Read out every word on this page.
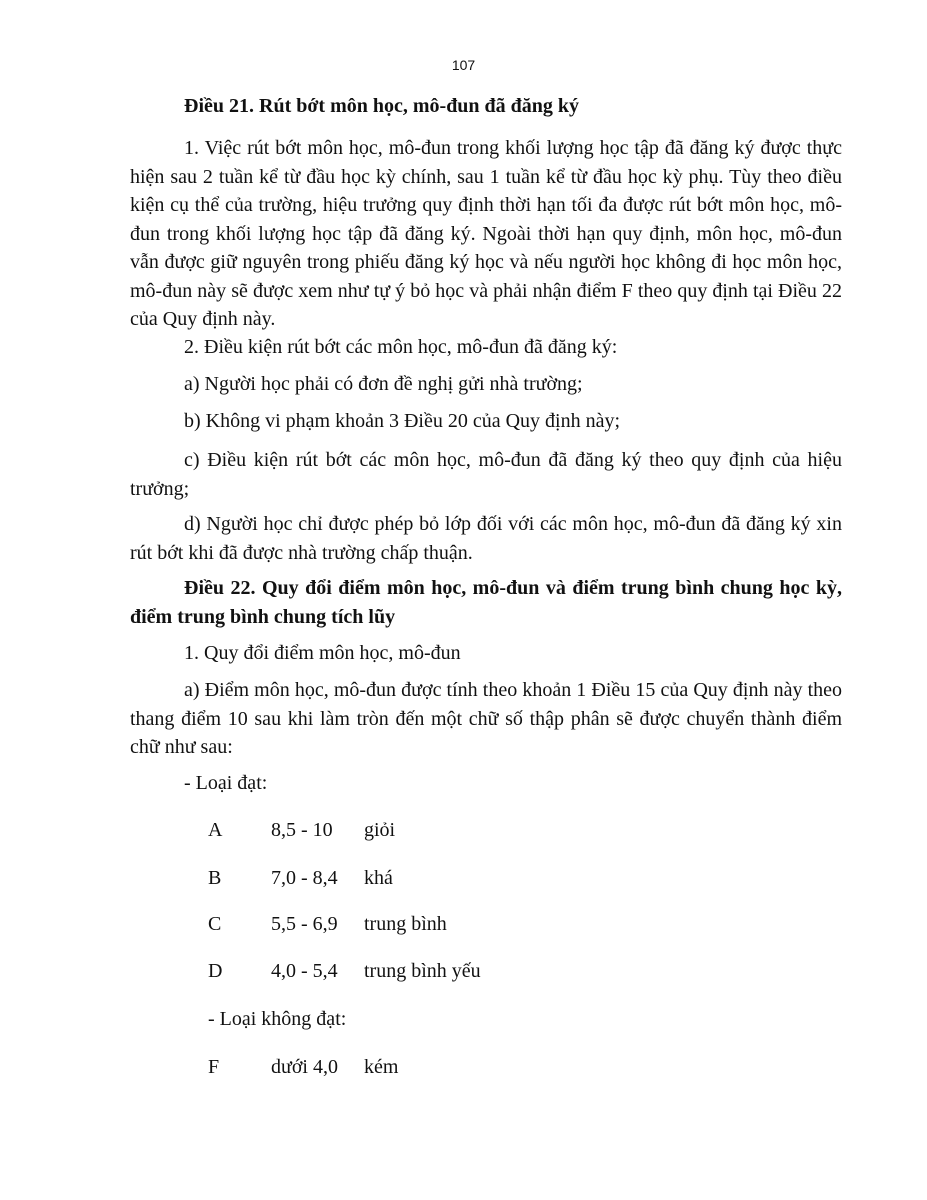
107
Điều 21. Rút bớt môn học, mô-đun đã đăng ký
1. Việc rút bớt môn học, mô-đun trong khối lượng học tập đã đăng ký được thực hiện sau 2 tuần kể từ đầu học kỳ chính, sau 1 tuần kể từ đầu học kỳ phụ. Tùy theo điều kiện cụ thể của trường, hiệu trưởng quy định thời hạn tối đa được rút bớt môn học, mô-đun trong khối lượng học tập đã đăng ký. Ngoài thời hạn quy định, môn học, mô-đun vẫn được giữ nguyên trong phiếu đăng ký học và nếu người học không đi học môn học, mô-đun này sẽ được xem như tự ý bỏ học và phải nhận điểm F theo quy định tại Điều 22 của Quy định này.
2. Điều kiện rút bớt các môn học, mô-đun đã đăng ký:
a) Người học phải có đơn đề nghị gửi nhà trường;
b) Không vi phạm khoản 3 Điều 20 của Quy định này;
c) Điều kiện rút bớt các môn học, mô-đun đã đăng ký theo quy định của hiệu trưởng;
d) Người học chỉ được phép bỏ lớp đối với các môn học, mô-đun đã đăng ký xin rút bớt khi đã được nhà trường chấp thuận.
Điều 22. Quy đổi điểm môn học, mô-đun và điểm trung bình chung học kỳ, điểm trung bình chung tích lũy
1. Quy đổi điểm môn học, mô-đun
a) Điểm môn học, mô-đun được tính theo khoản 1 Điều 15 của Quy định này theo thang điểm 10 sau khi làm tròn đến một chữ số thập phân sẽ được chuyển thành điểm chữ như sau:
- Loại đạt:
A 8,5 - 10 giỏi
B 7,0 - 8,4 khá
C 5,5 - 6,9 trung bình
D 4,0 - 5,4 trung bình yếu
- Loại không đạt:
F	dưới 4,0 kém
